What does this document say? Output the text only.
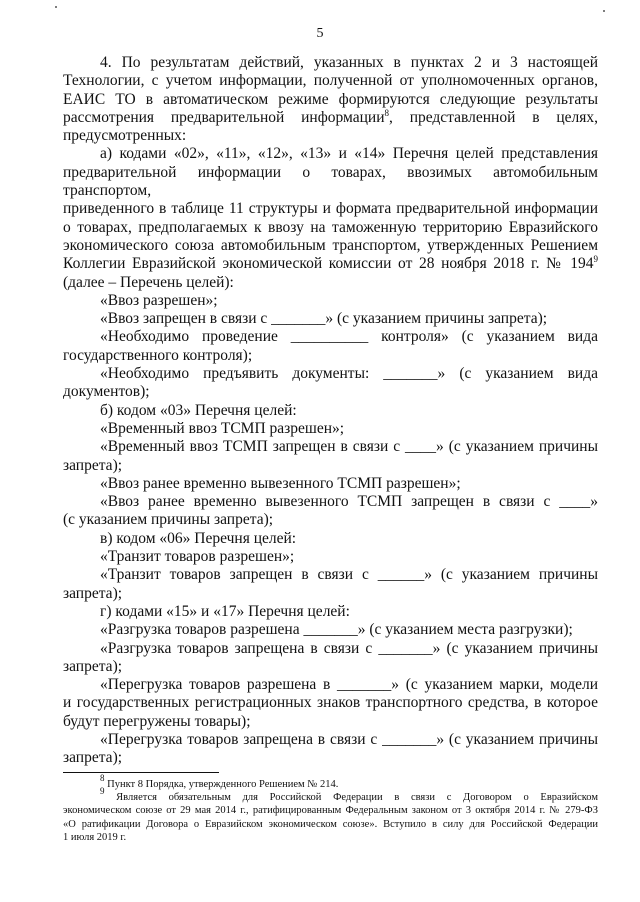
5
4. По результатам действий, указанных в пунктах 2 и 3 настоящей
Технологии, с учетом информации, полученной от уполномоченных органов,
ЕАИС ТО в автоматическом режиме формируются следующие результаты
рассмотрения предварительной информации$^8$, представленной в целях,
предусмотренных:
а) кодами «02», «11», «12», «13» и «14» Перечня целей представления
предварительной информации о товарах, ввозимых автомобильным транспортом,
приведенного в таблице 11 структуры и формата предварительной информации
о товарах, предполагаемых к ввозу на таможенную территорию Евразийского
экономического союза автомобильным транспортом, утвержденных Решением
Коллегии Евразийской экономической комиссии от 28 ноября 2018 г. № $194^9$
(далее – Перечень целей):
«Ввоз разрешен»;
«Ввоз запрещен в связи с _______» (с указанием причины запрета);
«Необходимо проведение __________ контроля» (с указанием вида
государственного контроля);
«Необходимо предъявить документы: _______» (с указанием вида
документов);
б) кодом «03» Перечня целей:
«Временный ввоз ТСМП разрешен»;
«Временный ввоз ТСМП запрещен в связи с ____» (с указанием причины
запрета);
«Ввоз ранее временно вывезенного ТСМП разрешен»;
«Ввоз ранее временно вывезенного ТСМП запрещен в связи с ____»
(с указанием причины запрета);
в) кодом «06» Перечня целей:
«Транзит товаров разрешен»;
«Транзит товаров запрещен в связи с ______» (с указанием причины
запрета);
г) кодами «15» и «17» Перечня целей:
«Разгрузка товаров разрешена _______» (с указанием места разгрузки);
«Разгрузка товаров запрещена в связи с _______» (с указанием причины
запрета);
«Перегрузка товаров разрешена в _______» (с указанием марки, модели
и государственных регистрационных знаков транспортного средства, в которое
будут перегружены товары);
«Перегрузка товаров запрещена в связи с _______» (с указанием причины
запрета);
$^8$ Пункт 8 Порядка, утвержденного Решением № 214.
$^9$ Является обязательным для Российской Федерации в связи с Договором о Евразийском
экономическом союзе от 29 мая 2014 г., ратифицированным Федеральным законом от 3 октября 2014 г. № 279-ФЗ
«О ратификации Договора о Евразийском экономическом союзе». Вступило в силу для Российской Федерации
1 июля 2019 г.
